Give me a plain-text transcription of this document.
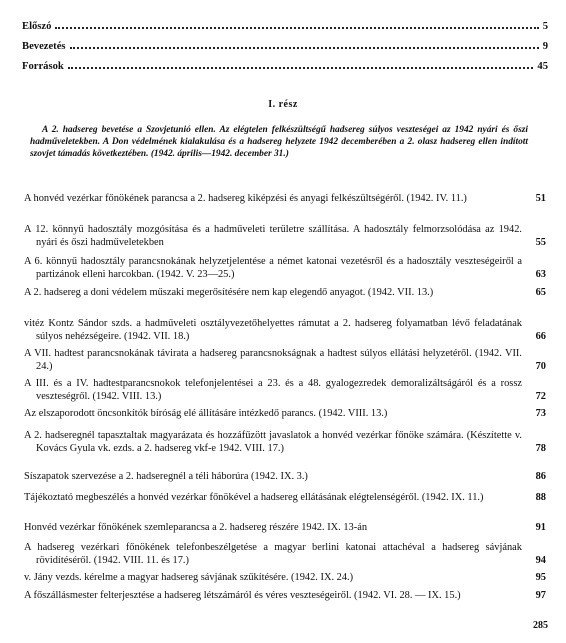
Előszó	5
Bevezetés	9
Források	45
I. rész
A 2. hadsereg bevetése a Szovjetunió ellen. Az elégtelen felkészültségű hadsereg súlyos veszteségei az 1942 nyári és őszi hadműveletekben. A Don védelmének kialakulása és a hadsereg helyzete 1942 decemberében a 2. olasz hadsereg ellen indított szovjet támadás következtében. (1942. április—1942. december 31.)
A honvéd vezérkar főnökének parancsa a 2. hadsereg kiképzési és anyagi felkészültségéről. (1942. IV. 11.)	51
A 12. könnyű hadosztály mozgósítása és a hadműveleti területre szállítása. A hadosztály felmorzsolódása az 1942. nyári és őszi hadműveletekben	55
A 6. könnyű hadosztály parancsnokának helyzetjelentése a német katonai vezetésről és a hadosztály veszteségeiről a partizánok elleni harcokban. (1942. V. 23—25.)	63
A 2. hadsereg a doni védelem műszaki megerősítésére nem kap elegendő anyagot. (1942. VII. 13.)	65
vitéz Kontz Sándor szds. a hadműveleti osztályvezetőhelyettes rámutat a 2. hadsereg folyamatban lévő feladatának súlyos nehézségeire. (1942. VII. 18.)	66
A VII. hadtest parancsnokának távirata a hadsereg parancsnokságnak a hadtest súlyos ellátási helyzetéről. (1942. VII. 24.)	70
A III. és a IV. hadtestparancsnokok telefonjelentései a 23. és a 48. gyalogezredek demoralizáltságáról és a rossz veszteségről. (1942. VIII. 13.)	72
Az elszaporodott öncsonkítók bíróság elé állításáre intézkedő parancs. (1942. VIII. 13.)	73
A 2. hadseregnél tapasztaltak magyarázata és hozzáfűzött javaslatok a honvéd vezérkar főnöke számára. (Készítette v. Kovács Gyula vk. ezds. a 2. hadsereg vkf-e 1942. VIII. 17.)	78
Síszapatok szervezése a 2. hadseregnél a téli háborúra (1942. IX. 3.)	86
Tájékoztató megbeszélés a honvéd vezérkar főnökével a hadsereg ellátásának elégtelenségéről. (1942. IX. 11.)	88
Honvéd vezérkar főnökének szemleparancsa a 2. hadsereg részére 1942. IX. 13-án	91
A hadsereg vezérkari főnökének telefonbeszélgetése a magyar berlini katonai attachéval a hadsereg sávjának rövidítéséről. (1942. VIII. 11. és 17.)	94
v. Jány vezds. kérelme a magyar hadsereg sávjának szűkítésére. (1942. IX. 24.)	95
A főszállásmester felterjesztése a hadsereg létszámáról és véres veszteségeiről. (1942. VI. 28. — IX. 15.)	97
285
